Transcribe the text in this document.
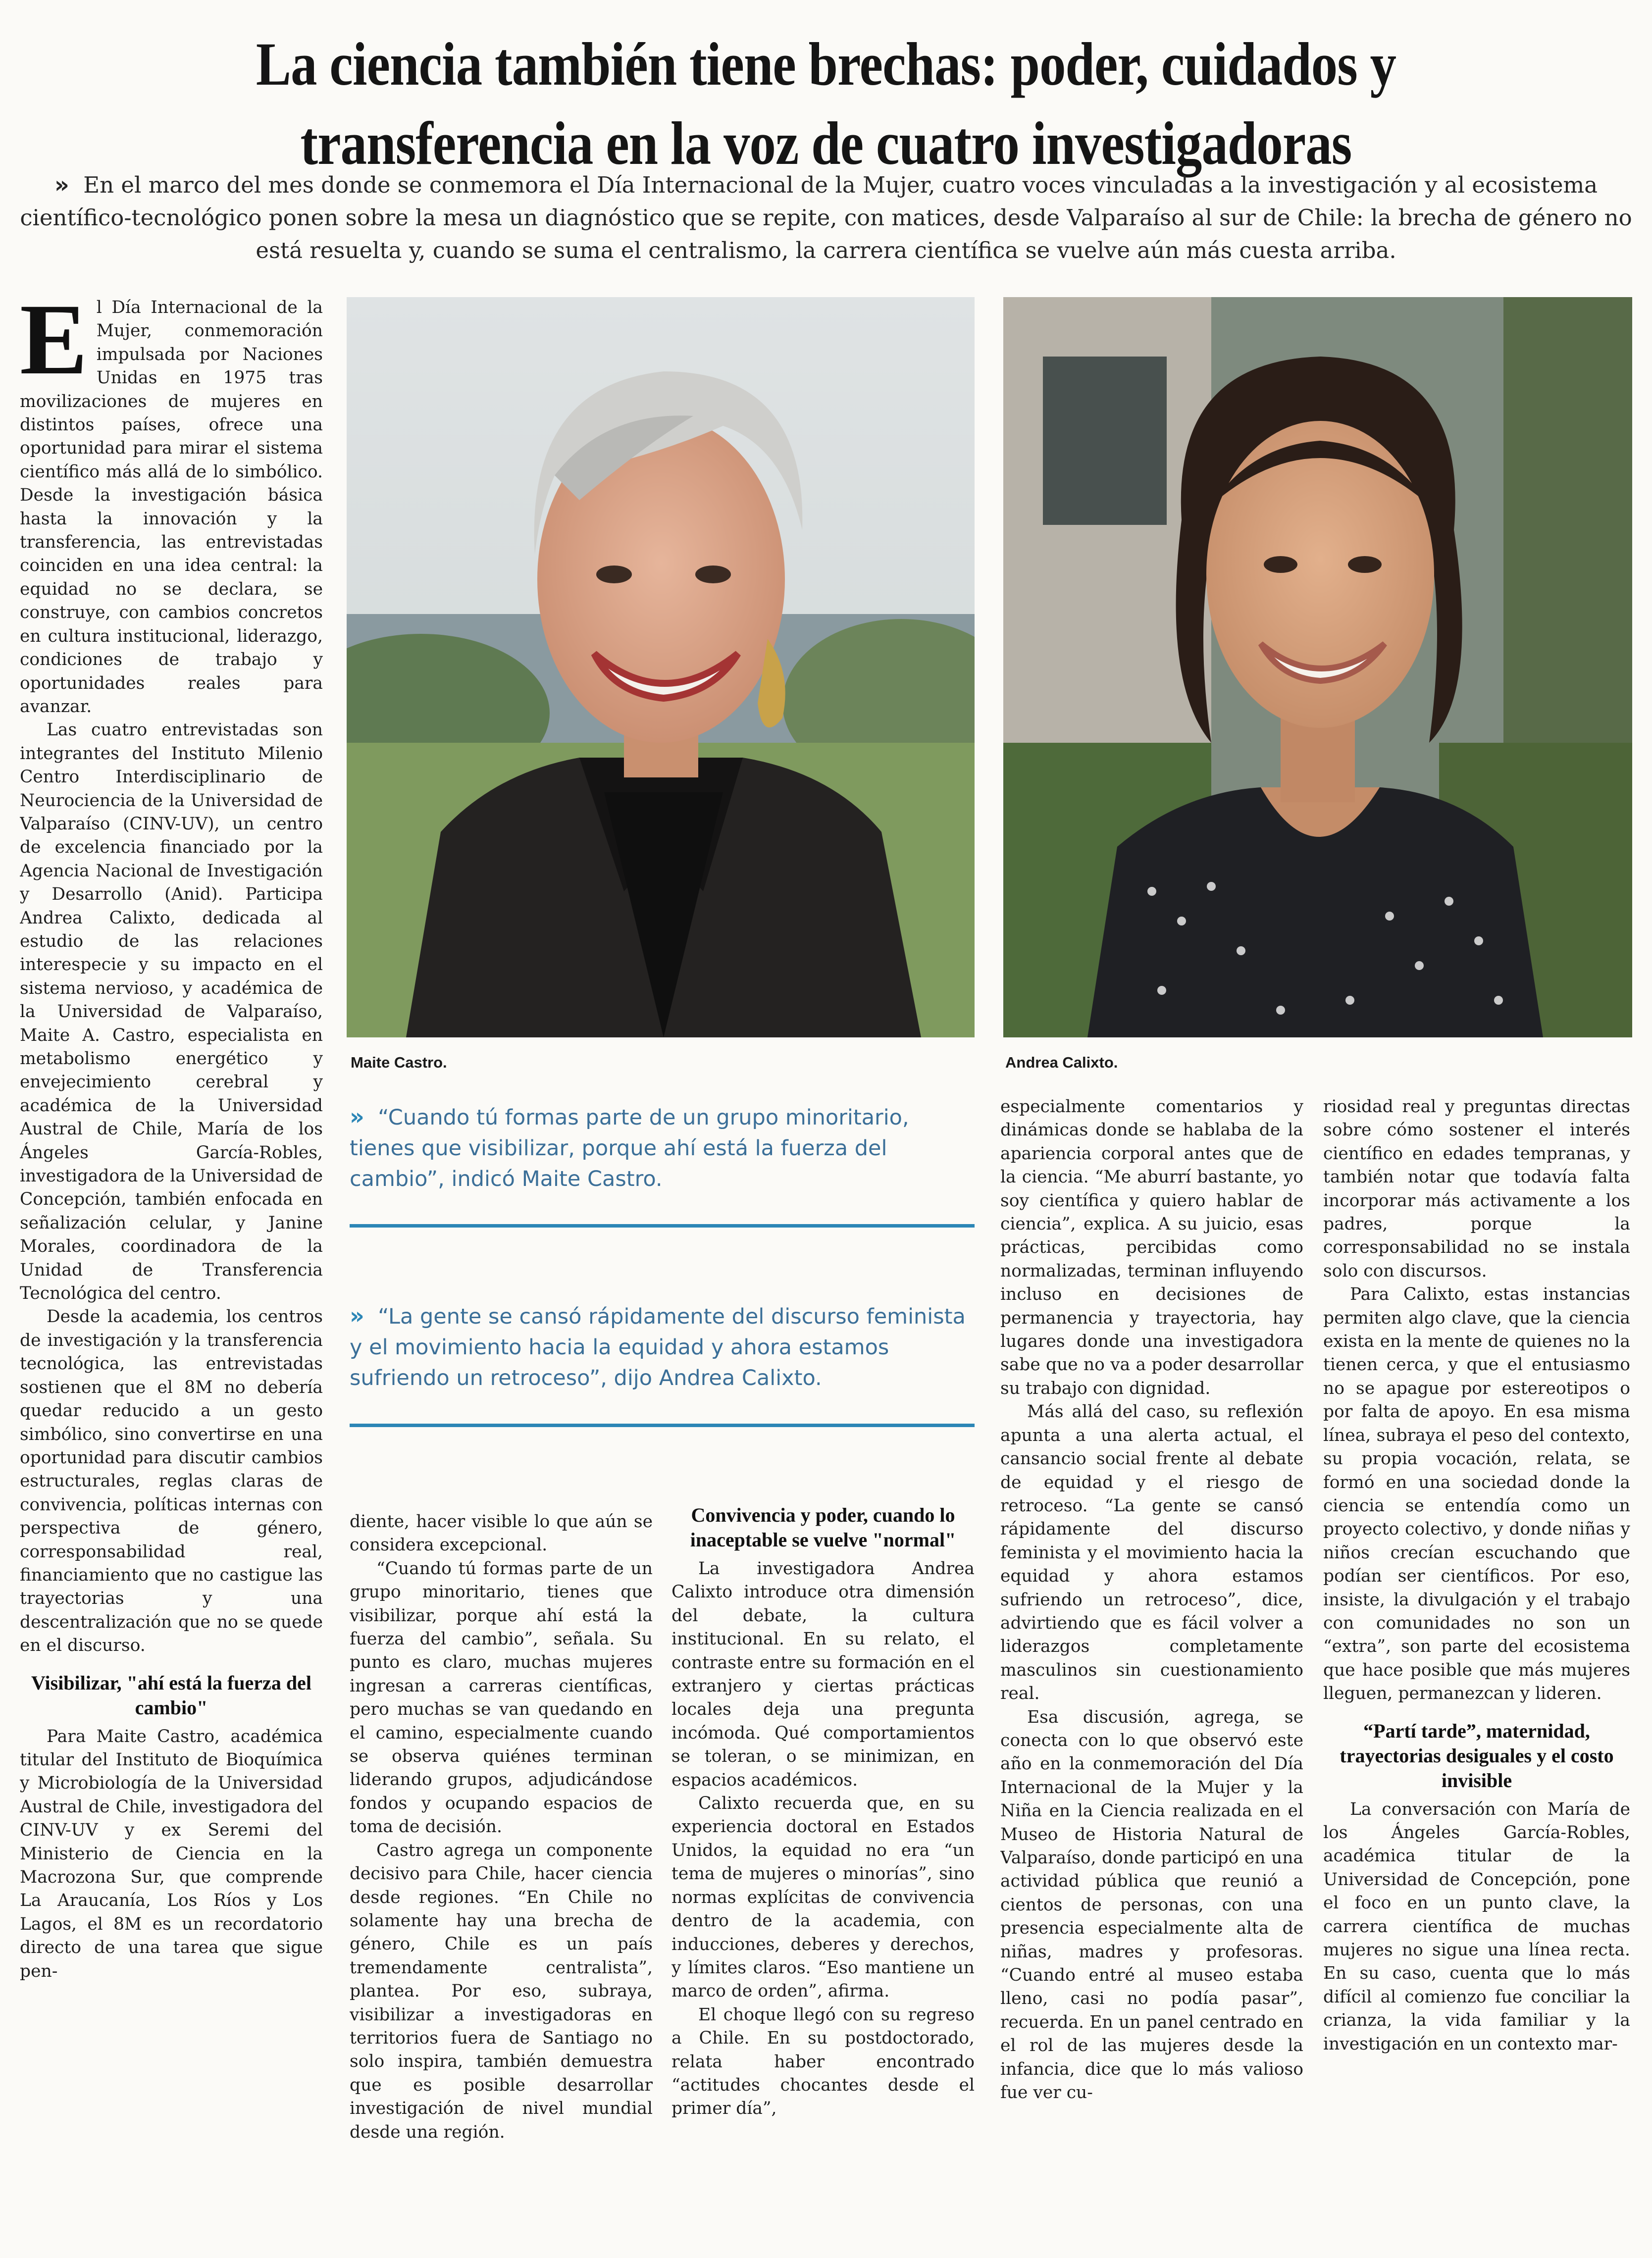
La ciencia también tiene brechas: poder, cuidados y transferencia en la voz de cuatro investigadoras

» En el marco del mes donde se conmemora el Día Internacional de la Mujer, cuatro voces vinculadas a la investigación y al ecosistema científico-tecnológico ponen sobre la mesa un diagnóstico que se repite, con matices, desde Valparaíso al sur de Chile: la brecha de género no está resuelta y, cuando se suma el centralismo, la carrera científica se vuelve aún más cuesta arriba.

El Día Internacional de la Mujer, conmemoración impulsada por Naciones Unidas en 1975 tras movilizaciones de mujeres en distintos países, ofrece una oportunidad para mirar el sistema científico más allá de lo simbólico. Desde la investigación básica hasta la innovación y la transferencia, las entrevistadas coinciden en una idea central: la equidad no se declara, se construye, con cambios concretos en cultura institucional, liderazgo, condiciones de trabajo y oportunidades reales para avanzar.

Las cuatro entrevistadas son integrantes del Instituto Milenio Centro Interdisciplinario de Neurociencia de la Universidad de Valparaíso (CINV-UV), un centro de excelencia financiado por la Agencia Nacional de Investigación y Desarrollo (Anid). Participa Andrea Calixto, dedicada al estudio de las relaciones interespecie y su impacto en el sistema nervioso, y académica de la Universidad de Valparaíso, Maite A. Castro, especialista en metabolismo energético y envejecimiento cerebral y académica de la Universidad Austral de Chile, María de los Ángeles García-Robles, investigadora de la Universidad de Concepción, también enfocada en señalización celular, y Janine Morales, coordinadora de la Unidad de Transferencia Tecnológica del centro.

Desde la academia, los centros de investigación y la transferencia tecnológica, las entrevistadas sostienen que el 8M no debería quedar reducido a un gesto simbólico, sino convertirse en una oportunidad para discutir cambios estructurales, reglas claras de convivencia, políticas internas con perspectiva de género, corresponsabilidad real, financiamiento que no castigue las trayectorias y una descentralización que no se quede en el discurso.

Visibilizar, "ahí está la fuerza del cambio"

Para Maite Castro, académica titular del Instituto de Bioquímica y Microbiología de la Universidad Austral de Chile, investigadora del CINV-UV y ex Seremi del Ministerio de Ciencia en la Macrozona Sur, que comprende La Araucanía, Los Ríos y Los Lagos, el 8M es un recordatorio directo de una tarea que sigue pen-

Maite Castro.	Andrea Calixto.

» “Cuando tú formas parte de un grupo minoritario, tienes que visibilizar, porque ahí está la fuerza del cambio”, indicó Maite Castro.

» “La gente se cansó rápidamente del discurso feminista y el movimiento hacia la equidad y ahora estamos sufriendo un retroceso”, dijo Andrea Calixto.

diente, hacer visible lo que aún se considera excepcional.

“Cuando tú formas parte de un grupo minoritario, tienes que visibilizar, porque ahí está la fuerza del cambio”, señala. Su punto es claro, muchas mujeres ingresan a carreras científicas, pero muchas se van quedando en el camino, especialmente cuando se observa quiénes terminan liderando grupos, adjudicándose fondos y ocupando espacios de toma de decisión.

Castro agrega un componente decisivo para Chile, hacer ciencia desde regiones. “En Chile no solamente hay una brecha de género, Chile es un país tremendamente centralista”, plantea. Por eso, subraya, visibilizar a investigadoras en territorios fuera de Santiago no solo inspira, también demuestra que es posible desarrollar investigación de nivel mundial desde una región.

Convivencia y poder, cuando lo inaceptable se vuelve "normal"

La investigadora Andrea Calixto introduce otra dimensión del debate, la cultura institucional. En su relato, el contraste entre su formación en el extranjero y ciertas prácticas locales deja una pregunta incómoda. Qué comportamientos se toleran, o se minimizan, en espacios académicos.

Calixto recuerda que, en su experiencia doctoral en Estados Unidos, la equidad no era “un tema de mujeres o minorías”, sino normas explícitas de convivencia dentro de la academia, con inducciones, deberes y derechos, y límites claros. “Eso mantiene un marco de orden”, afirma.

El choque llegó con su regreso a Chile. En su postdoctorado, relata haber encontrado “actitudes chocantes desde el primer día”,

especialmente comentarios y dinámicas donde se hablaba de la apariencia corporal antes que de la ciencia. “Me aburrí bastante, yo soy científica y quiero hablar de ciencia”, explica. A su juicio, esas prácticas, percibidas como normalizadas, terminan influyendo incluso en decisiones de permanencia y trayectoria, hay lugares donde una investigadora sabe que no va a poder desarrollar su trabajo con dignidad.

Más allá del caso, su reflexión apunta a una alerta actual, el cansancio social frente al debate de equidad y el riesgo de retroceso. “La gente se cansó rápidamente del discurso feminista y el movimiento hacia la equidad y ahora estamos sufriendo un retroceso”, dice, advirtiendo que es fácil volver a liderazgos completamente masculinos sin cuestionamiento real.

Esa discusión, agrega, se conecta con lo que observó este año en la conmemoración del Día Internacional de la Mujer y la Niña en la Ciencia realizada en el Museo de Historia Natural de Valparaíso, donde participó en una actividad pública que reunió a cientos de personas, con una presencia especialmente alta de niñas, madres y profesoras. “Cuando entré al museo estaba lleno, casi no podía pasar”, recuerda. En un panel centrado en el rol de las mujeres desde la infancia, dice que lo más valioso fue ver cu-

riosidad real y preguntas directas sobre cómo sostener el interés científico en edades tempranas, y también notar que todavía falta incorporar más activamente a los padres, porque la corresponsabilidad no se instala solo con discursos.

Para Calixto, estas instancias permiten algo clave, que la ciencia exista en la mente de quienes no la tienen cerca, y que el entusiasmo no se apague por estereotipos o por falta de apoyo. En esa misma línea, subraya el peso del contexto, su propia vocación, relata, se formó en una sociedad donde la ciencia se entendía como un proyecto colectivo, y donde niñas y niños crecían escuchando que podían ser científicos. Por eso, insiste, la divulgación y el trabajo con comunidades no son un “extra”, son parte del ecosistema que hace posible que más mujeres lleguen, permanezcan y lideren.

“Partí tarde”, maternidad, trayectorias desiguales y el costo invisible

La conversación con María de los Ángeles García-Robles, académica titular de la Universidad de Concepción, pone el foco en un punto clave, la carrera científica de muchas mujeres no sigue una línea recta. En su caso, cuenta que lo más difícil al comienzo fue conciliar la crianza, la vida familiar y la investigación en un contexto mar-
